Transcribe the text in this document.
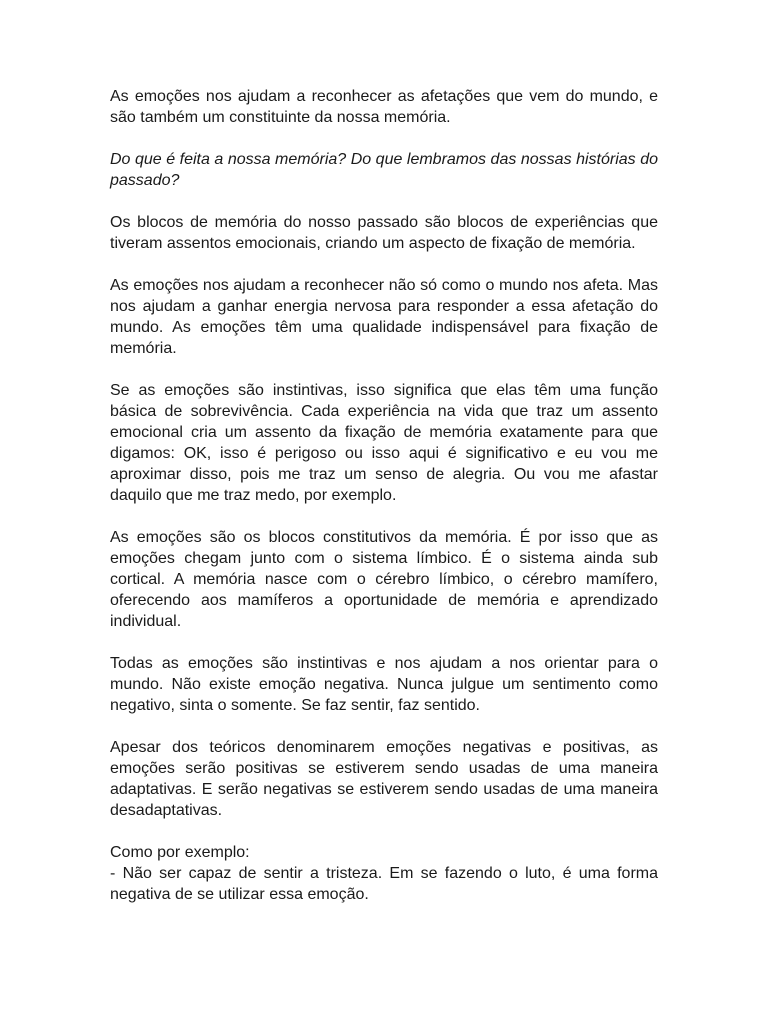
As emoções nos ajudam a reconhecer as afetações que vem do mundo, e são também um constituinte da nossa memória.

Do que é feita a nossa memória? Do que lembramos das nossas histórias do passado?

Os blocos de memória do nosso passado são blocos de experiências que tiveram assentos emocionais, criando um aspecto de fixação de memória.

As emoções nos ajudam a reconhecer não só como o mundo nos afeta. Mas nos ajudam a ganhar energia nervosa para responder a essa afetação do mundo. As emoções têm uma qualidade indispensável para fixação de memória.

Se as emoções são instintivas, isso significa que elas têm uma função básica de sobrevivência. Cada experiência na vida que traz um assento emocional cria um assento da fixação de memória exatamente para que digamos: OK, isso é perigoso ou isso aqui é significativo e eu vou me aproximar disso, pois me traz um senso de alegria. Ou vou me afastar daquilo que me traz medo, por exemplo.

As emoções são os blocos constitutivos da memória. É por isso que as emoções chegam junto com o sistema límbico. É o sistema ainda sub cortical. A memória nasce com o cérebro límbico, o cérebro mamífero, oferecendo aos mamíferos a oportunidade de memória e aprendizado individual.

Todas as emoções são instintivas e nos ajudam a nos orientar para o mundo. Não existe emoção negativa. Nunca julgue um sentimento como negativo, sinta o somente. Se faz sentir, faz sentido.

Apesar dos teóricos denominarem emoções negativas e positivas, as emoções serão positivas se estiverem sendo usadas de uma maneira adaptativas. E serão negativas se estiverem sendo usadas de uma maneira desadaptativas.

Como por exemplo:

- Não ser capaz de sentir a tristeza. Em se fazendo o luto, é uma forma negativa de se utilizar essa emoção.
